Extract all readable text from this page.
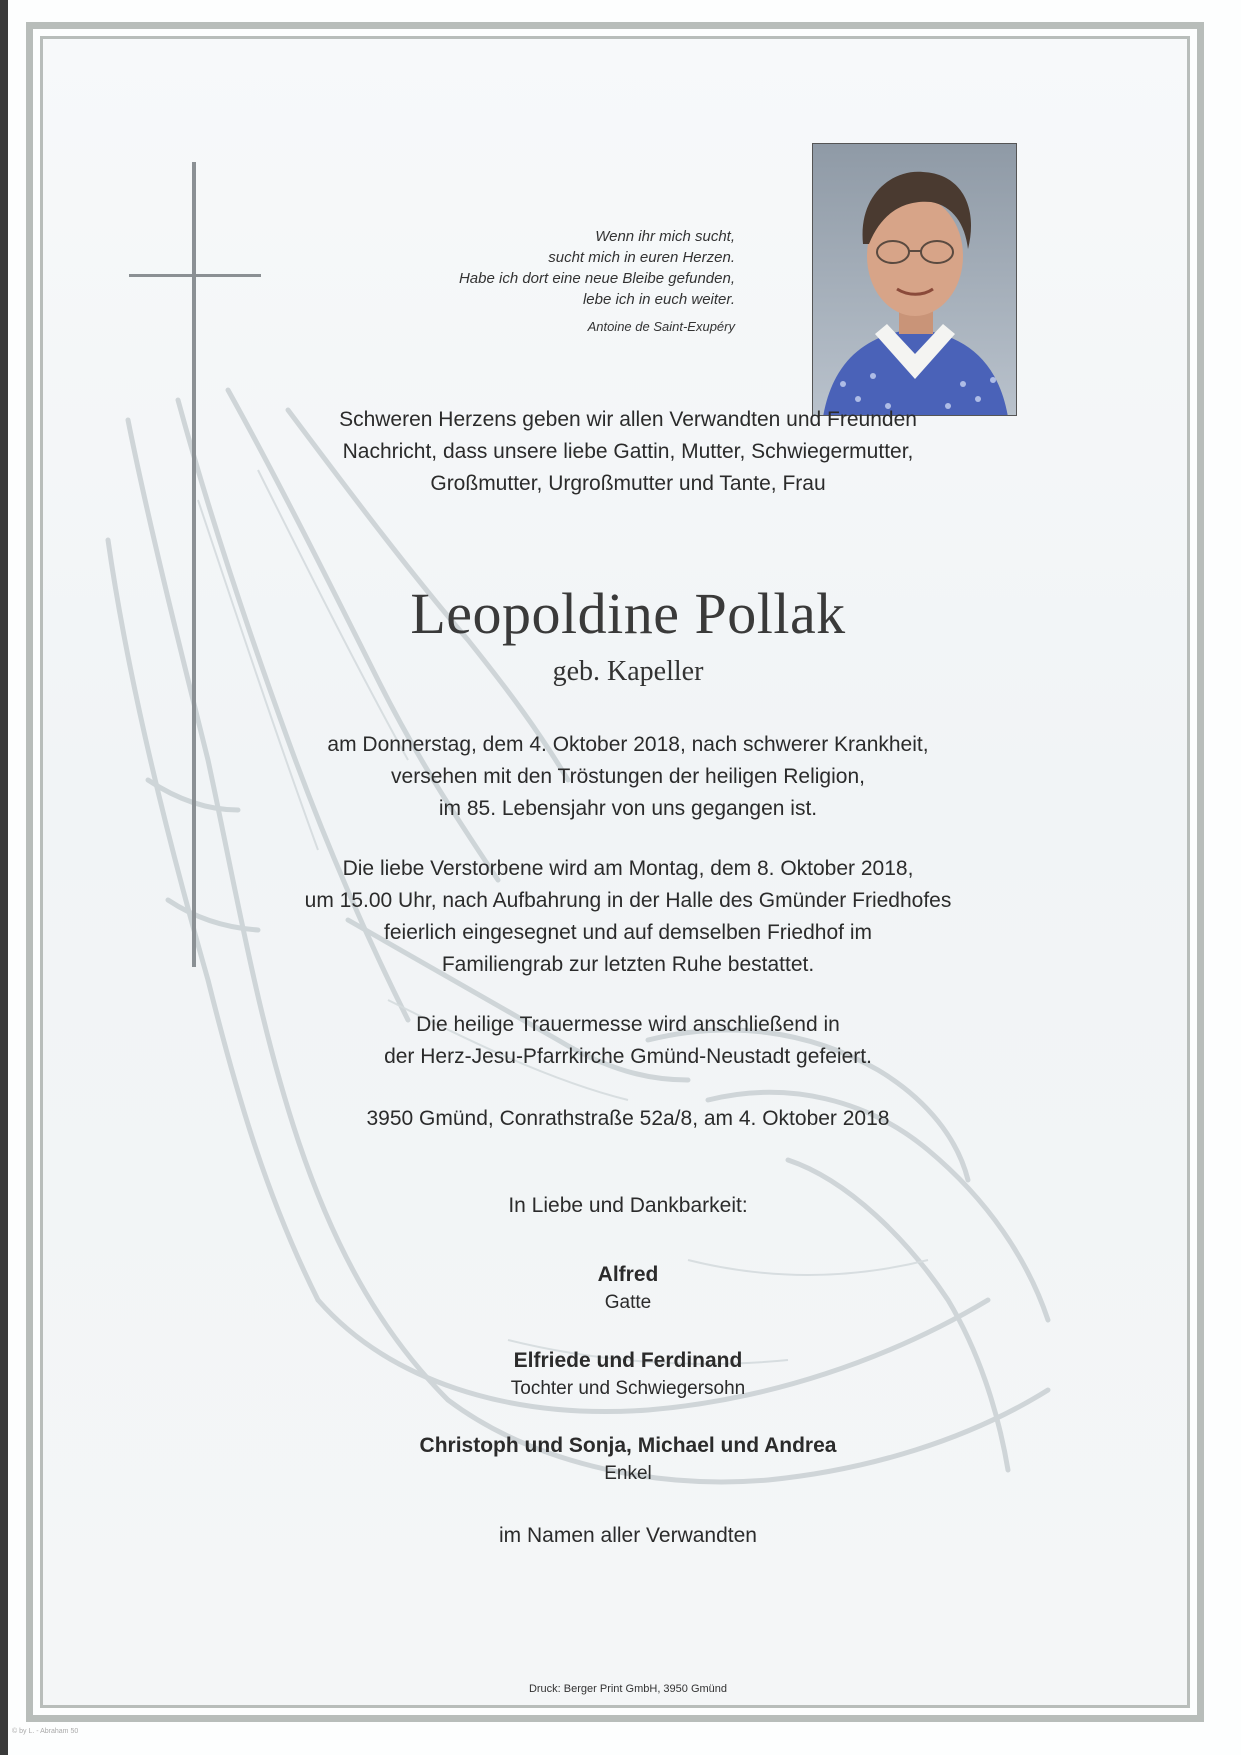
Wenn ihr mich sucht,
sucht mich in euren Herzen.
Habe ich dort eine neue Bleibe gefunden,
lebe ich in euch weiter.
Antoine de Saint-Exupéry
Schweren Herzens geben wir allen Verwandten und Freunden
Nachricht, dass unsere liebe Gattin, Mutter, Schwiegermutter,
Großmutter, Urgroßmutter und Tante, Frau
Leopoldine Pollak
geb. Kapeller
am Donnerstag, dem 4. Oktober 2018, nach schwerer Krankheit,
versehen mit den Tröstungen der heiligen Religion,
im 85. Lebensjahr von uns gegangen ist.
Die liebe Verstorbene wird am Montag, dem 8. Oktober 2018,
um 15.00 Uhr, nach Aufbahrung in der Halle des Gmünder Friedhofes
feierlich eingesegnet und auf demselben Friedhof im
Familiengrab zur letzten Ruhe bestattet.
Die heilige Trauermesse wird anschließend in
der Herz-Jesu-Pfarrkirche Gmünd-Neustadt gefeiert.
3950 Gmünd, Conrathstraße 52a/8, am 4. Oktober 2018
In Liebe und Dankbarkeit:
Alfred
Gatte
Elfriede und Ferdinand
Tochter und Schwiegersohn
Christoph und Sonja, Michael und Andrea
Enkel
im Namen aller Verwandten
Druck: Berger Print GmbH, 3950 Gmünd
© by L. - Abraham 50
